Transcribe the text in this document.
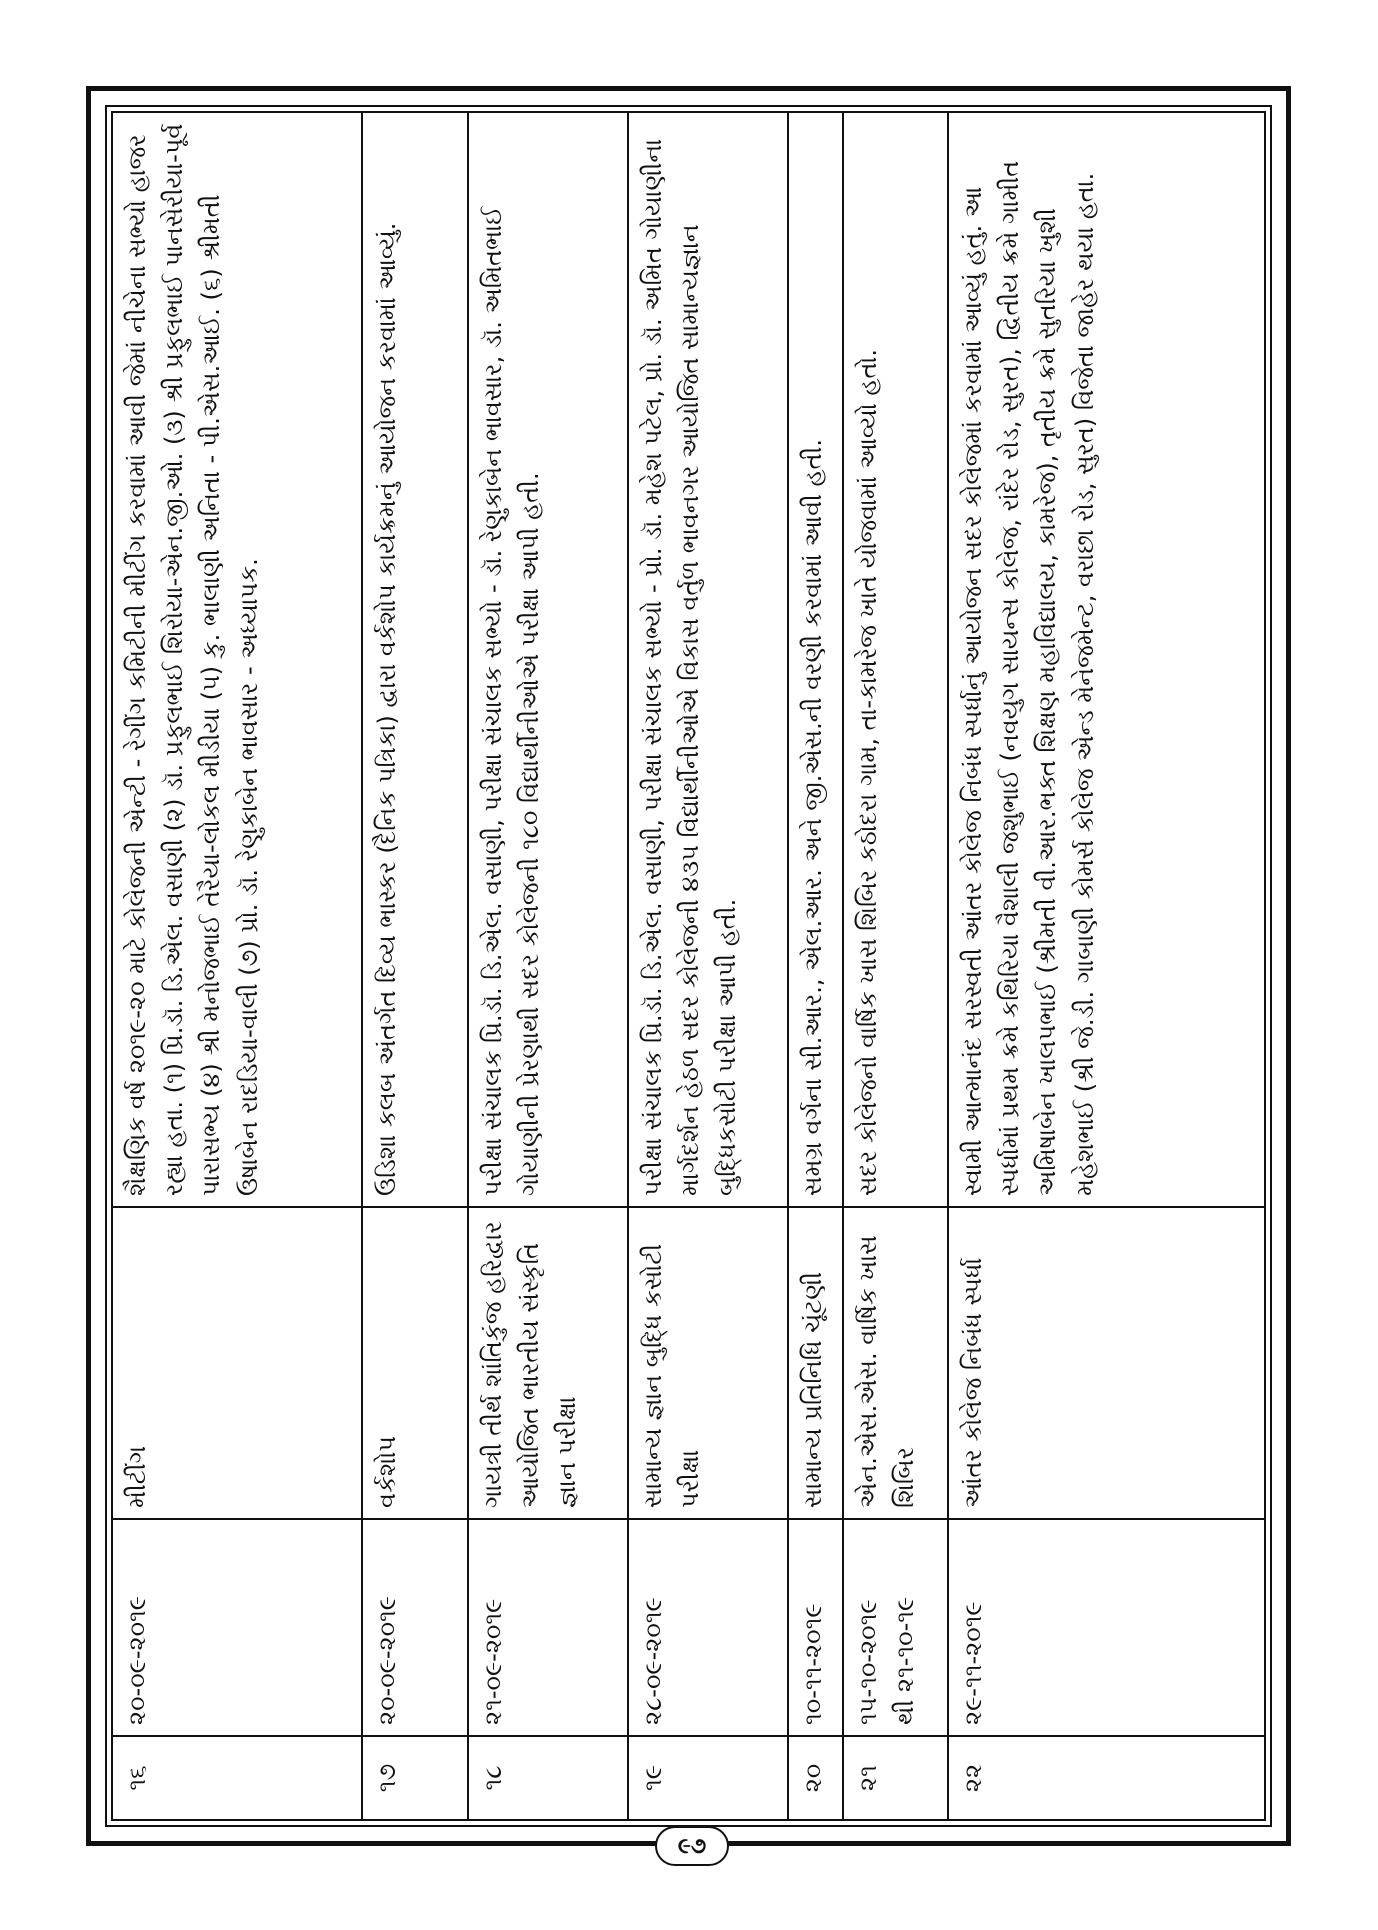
૧૬	૨૦-૦૯-૨૦૧૯	મીટીંગ	શૈક્ષણિક વર્ષ ૨૦૧૯-૨૦ માટે કોલેજની એન્ટી - રેગીંગ કમિટીની મીટીંગ કરવામાં આવી જેમાં નીચેના સભ્યો હાજર રહ્યા હતા. (૧) પ્રિ.ડૉ. ડિ.એલ. વસાણી (૨) ડૉ. પ્રફુલભાઈ શિરોયા-એન.જી.ઓ. (૩) શ્રી પ્રફુલભાઈ પાનસેરીયા-પૂર્વ પારાસભ્ય (૪) શ્રી મનોજભાઈ તેરૈયા-લોકલ મીડીયા (૫) કુ. ભાલાણી અનિતા - પી.એસ.આઈ. (૬) શ્રીમતી ઉષાબેન રાદડિયા-વાલી (૭) પ્રો. ડૉ. રેણુકાબેન ભાવસાર - અધ્યાપક.
૧૭	૨૦-૦૯-૨૦૧૯	વર્કશોપ	ઉડિશા કલબ અંતર્ગત દિવ્ય ભાસ્કર (દૈનિક પત્રિકા) દ્વારા વર્કશોપ કાર્યક્રમનું આયોજન કરવામાં આવ્યું.
૧૮	૨૧-૦૯-૨૦૧૯	ગાયત્રી તીર્થ શાંતિકુંજ હરિદ્વાર આયોજિત ભારતીય સંસ્કૃતિ જ્ઞાન પરીક્ષા	પરીક્ષા સંચાલક પ્રિ.ડૉ. ડિ.એલ. વસાણી, પરીક્ષા સંચાલક સભ્યો - ડૉ. રેણુકાબેન ભાવસાર, ડૉ. અમિતભાઈ ગોયાણીની પ્રેરણાથી સદર કોલેજની ૧૮૦ વિદ્યાર્થીનીઓએ પરીક્ષા આપી હતી.
૧૯	૨૮-૦૯-૨૦૧૯	સામાન્ય જ્ઞાન બુદ્ધિ કસોટી પરીક્ષા	પરીક્ષા સંચાલક પ્રિ.ડૉ. ડિ.એલ. વસાણી, પરીક્ષા સંચાલક સભ્યો - પ્રો. ડૉ. મહેશ પટેલ, પ્રો. ડૉ. અમિત ગોયાણીના માર્ગદર્શન હેઠળ સદર કોલેજની ૪૩૫ વિદ્યાર્થીનીઓએ વિકાસ વર્તુળ ભાવનગર આયોજિત સામાન્યજ્ઞાન બુદ્ધિકસોટી પરીક્ષા આપી હતી.
૨૦	૧૦-૧૧-૨૦૧૯	સામાન્ય પ્રતિનિધિ ચૂંટણી	સમગ્ર વર્ગના સી.આર., એલ.આર. અને જી.એસ.ની વરણી કરવામાં આવી હતી.
૨૧	૧૫-૧૦-૨૦૧૯ થી ૨૧-૧૦-૧૯	એન.એસ.એસ. વાર્ષિક ખાસ શિબિર	સદર કોલેજનો વાર્ષિક ખાસ શિબિર કઠોદરા ગામ, તા-કામરેજ ખાતે યોજવામાં આવ્યો હતો.
૨૨	૨૯-૧૧-૨૦૧૯	આંતર કોલેજ નિબંધ સ્પર્ધા	સ્વામી આત્માનંદ સરસ્વતી આંતર કોલેજ નિબંધ સ્પર્ધાનું આયોજન સદર કોલેજમાં કરવામાં આવ્યું હતું. આ સ્પર્ધામાં પ્રથમ ક્રમે કથિરિયા વૈશાલી જશુભાઈ (નવયુગ સાયન્સ કોલેજ, રાંદેર રોડ, સુરત), દ્વિતીય ક્રમે ગામીત અમિષાબેન ખાલપભાઈ (શ્રીમતી વી.આર.ભક્ત શિક્ષણ મહાવિદ્યાલય, કામરેજ), તૃતીય ક્રમે સુતરિયા ખુશી મહેશભાઈ (શ્રી જે.ડી. ગાબાણી કોમર્સ કોલેજ એન્ડ મેનેજમેન્ટ, વરાછા રોડ, સુરત) વિજેતા જાહેર થયા હતા.
૯૭
